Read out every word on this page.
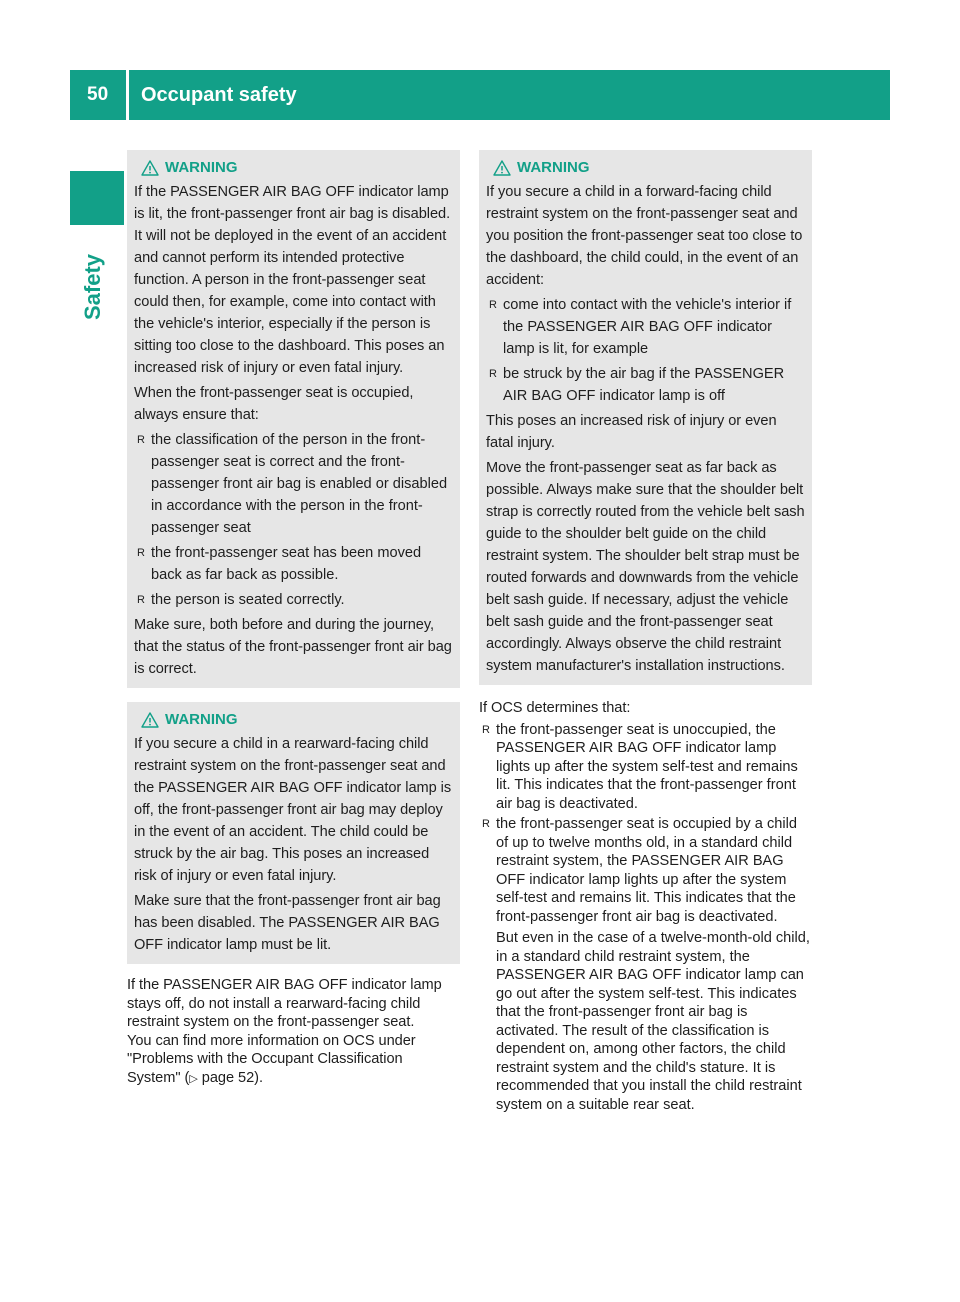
50	Occupant safety
Safety
WARNING
If the PASSENGER AIR BAG OFF indicator lamp is lit, the front-passenger front air bag is disabled. It will not be deployed in the event of an accident and cannot perform its intended protective function. A person in the front-passenger seat could then, for example, come into contact with the vehicle's interior, especially if the person is sitting too close to the dashboard. This poses an increased risk of injury or even fatal injury.
When the front-passenger seat is occupied, always ensure that:
R the classification of the person in the front-passenger seat is correct and the front-passenger front air bag is enabled or disabled in accordance with the person in the front-passenger seat
R the front-passenger seat has been moved back as far back as possible.
R the person is seated correctly.
Make sure, both before and during the journey, that the status of the front-passenger front air bag is correct.
WARNING
If you secure a child in a rearward-facing child restraint system on the front-passenger seat and the PASSENGER AIR BAG OFF indicator lamp is off, the front-passenger front air bag may deploy in the event of an accident. The child could be struck by the air bag. This poses an increased risk of injury or even fatal injury.
Make sure that the front-passenger front air bag has been disabled. The PASSENGER AIR BAG OFF indicator lamp must be lit.
If the PASSENGER AIR BAG OFF indicator lamp stays off, do not install a rearward-facing child restraint system on the front-passenger seat.
You can find more information on OCS under "Problems with the Occupant Classification System" (▷ page 52).
WARNING
If you secure a child in a forward-facing child restraint system on the front-passenger seat and you position the front-passenger seat too close to the dashboard, the child could, in the event of an accident:
R come into contact with the vehicle's interior if the PASSENGER AIR BAG OFF indicator lamp is lit, for example
R be struck by the air bag if the PASSENGER AIR BAG OFF indicator lamp is off
This poses an increased risk of injury or even fatal injury.
Move the front-passenger seat as far back as possible. Always make sure that the shoulder belt strap is correctly routed from the vehicle belt sash guide to the shoulder belt guide on the child restraint system. The shoulder belt strap must be routed forwards and downwards from the vehicle belt sash guide. If necessary, adjust the vehicle belt sash guide and the front-passenger seat accordingly. Always observe the child restraint system manufacturer's installation instructions.
If OCS determines that:
R the front-passenger seat is unoccupied, the PASSENGER AIR BAG OFF indicator lamp lights up after the system self-test and remains lit. This indicates that the front-passenger front air bag is deactivated.
R the front-passenger seat is occupied by a child of up to twelve months old, in a standard child restraint system, the PASSENGER AIR BAG OFF indicator lamp lights up after the system self-test and remains lit. This indicates that the front-passenger front air bag is deactivated.
But even in the case of a twelve-month-old child, in a standard child restraint system, the PASSENGER AIR BAG OFF indicator lamp can go out after the system self-test. This indicates that the front-passenger front air bag is activated. The result of the classification is dependent on, among other factors, the child restraint system and the child's stature. It is recommended that you install the child restraint system on a suitable rear seat.
